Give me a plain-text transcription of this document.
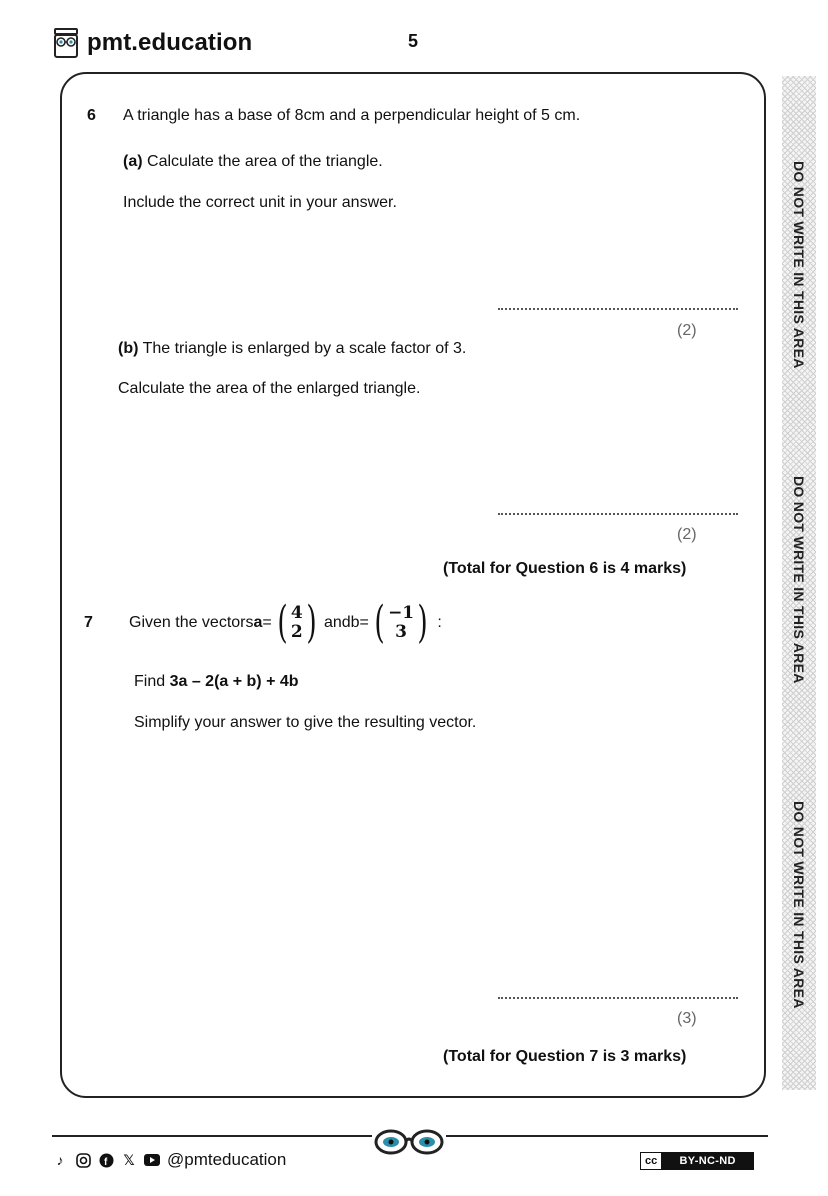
pmt.education	5
DO NOT WRITE IN THIS AREA
DO NOT WRITE IN THIS AREA
DO NOT WRITE IN THIS AREA
6 A triangle has a base of 8cm and a perpendicular height of 5 cm.
(a) Calculate the area of the triangle.
Include the correct unit in your answer.
(2)
(b) The triangle is enlarged by a scale factor of 3.
Calculate the area of the enlarged triangle.
(2)
(Total for Question 6 is 4 marks)
7 Given the vectors a = ( 4
2 ) and b = ( −1
3 ) :
Find 3a – 2(a + b) + 4b
Simplify your answer to give the resulting vector.
(3)
(Total for Question 7 is 3 marks)
♪	f 𝕏 @pmteducation	cc	BY-NC-ND
